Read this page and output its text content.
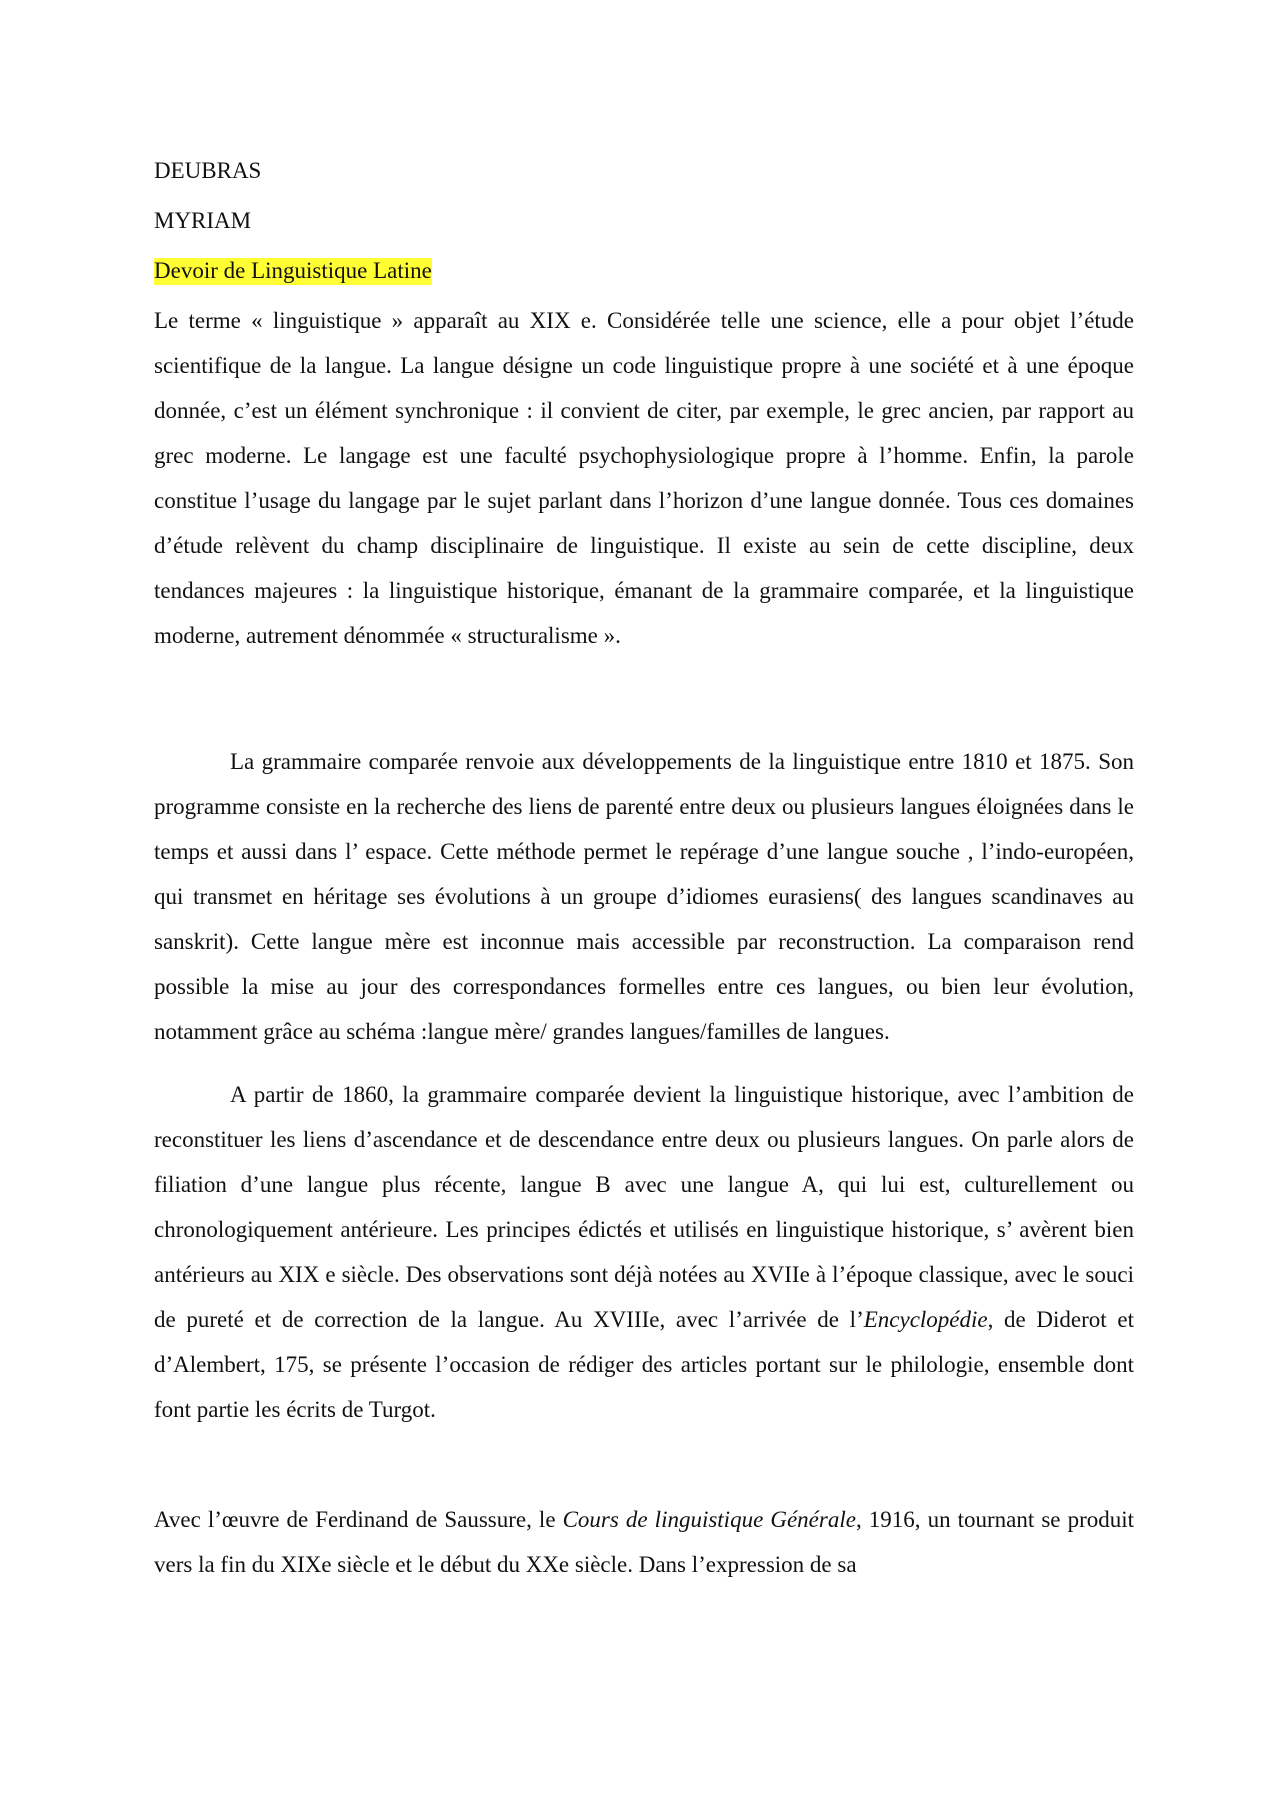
DEUBRAS
MYRIAM
Devoir de Linguistique Latine

Le terme « linguistique » apparaît au XIX e. Considérée telle une science, elle a pour objet l’étude scientifique de la langue. La langue désigne un code linguistique propre à une société et à une époque donnée, c’est un élément synchronique : il convient de citer, par exemple, le grec ancien, par rapport au grec moderne. Le langage est une faculté psychophysiologique propre à l’homme. Enfin, la parole constitue l’usage du langage par le sujet parlant dans l’horizon d’une langue donnée. Tous ces domaines d’étude relèvent du champ disciplinaire de linguistique. Il existe au sein de cette discipline, deux tendances majeures : la linguistique historique, émanant de la grammaire comparée, et la linguistique moderne, autrement dénommée « structuralisme ».

La grammaire comparée renvoie aux développements de la linguistique entre 1810 et 1875. Son programme consiste en la recherche des liens de parenté entre deux ou plusieurs langues éloignées dans le temps et aussi dans l’ espace. Cette méthode permet le repérage d’une langue souche , l’indo-européen, qui transmet en héritage ses évolutions à un groupe d’idiomes eurasiens( des langues scandinaves au sanskrit). Cette langue mère est inconnue mais accessible par reconstruction. La comparaison rend possible la mise au jour des correspondances formelles entre ces langues, ou bien leur évolution, notamment grâce au schéma :langue mère/ grandes langues/familles de langues.

A partir de 1860, la grammaire comparée devient la linguistique historique, avec l’ambition de reconstituer les liens d’ascendance et de descendance entre deux ou plusieurs langues. On parle alors de filiation d’une langue plus récente, langue B avec une langue A, qui lui est, culturellement ou chronologiquement antérieure. Les principes édictés et utilisés en linguistique historique, s’ avèrent bien antérieurs au XIX e siècle. Des observations sont déjà notées au XVIIe à l’époque classique, avec le souci de pureté et de correction de la langue. Au XVIIIe, avec l’arrivée de l’Encyclopédie, de Diderot et d’Alembert, 175, se présente l’occasion de rédiger des articles portant sur le philologie, ensemble dont font partie les écrits de Turgot.

Avec l’œuvre de Ferdinand de Saussure, le Cours de linguistique Générale, 1916, un tournant se produit vers la fin du XIXe siècle et le début du XXe siècle. Dans l’expression de sa
